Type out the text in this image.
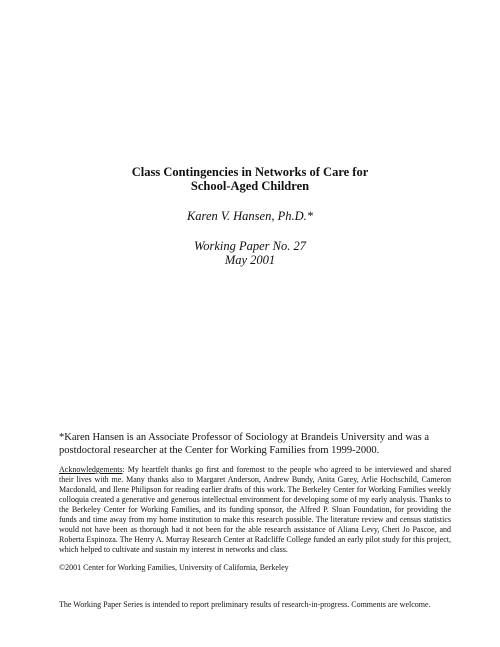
Class Contingencies in Networks of Care for
School-Aged Children
Karen V. Hansen, Ph.D.*
Working Paper No. 27
May 2001
*Karen Hansen is an Associate Professor of Sociology at Brandeis University and was a postdoctoral researcher at the Center for Working Families from 1999-2000.
Acknowledgements: My heartfelt thanks go first and foremost to the people who agreed to be interviewed and shared their lives with me. Many thanks also to Margaret Anderson, Andrew Bundy, Anita Garey, Arlie Hochschild, Cameron Macdonald, and Ilene Philipson for reading earlier drafts of this work. The Berkeley Center for Working Families weekly colloquia created a generative and generous intellectual environment for developing some of my early analysis. Thanks to the Berkeley Center for Working Families, and its funding sponsor, the Alfred P. Sloan Foundation, for providing the funds and time away from my home institution to make this research possible. The literature review and census statistics would not have been as thorough had it not been for the able research assistance of Aliana Levy, Cheri Jo Pascoe, and Roberta Espinoza. The Henry A. Murray Research Center at Radcliffe College funded an early pilot study for this project, which helped to cultivate and sustain my interest in networks and class.
©2001 Center for Working Families, University of California, Berkeley
The Working Paper Series is intended to report preliminary results of research-in-progress. Comments are welcome.
